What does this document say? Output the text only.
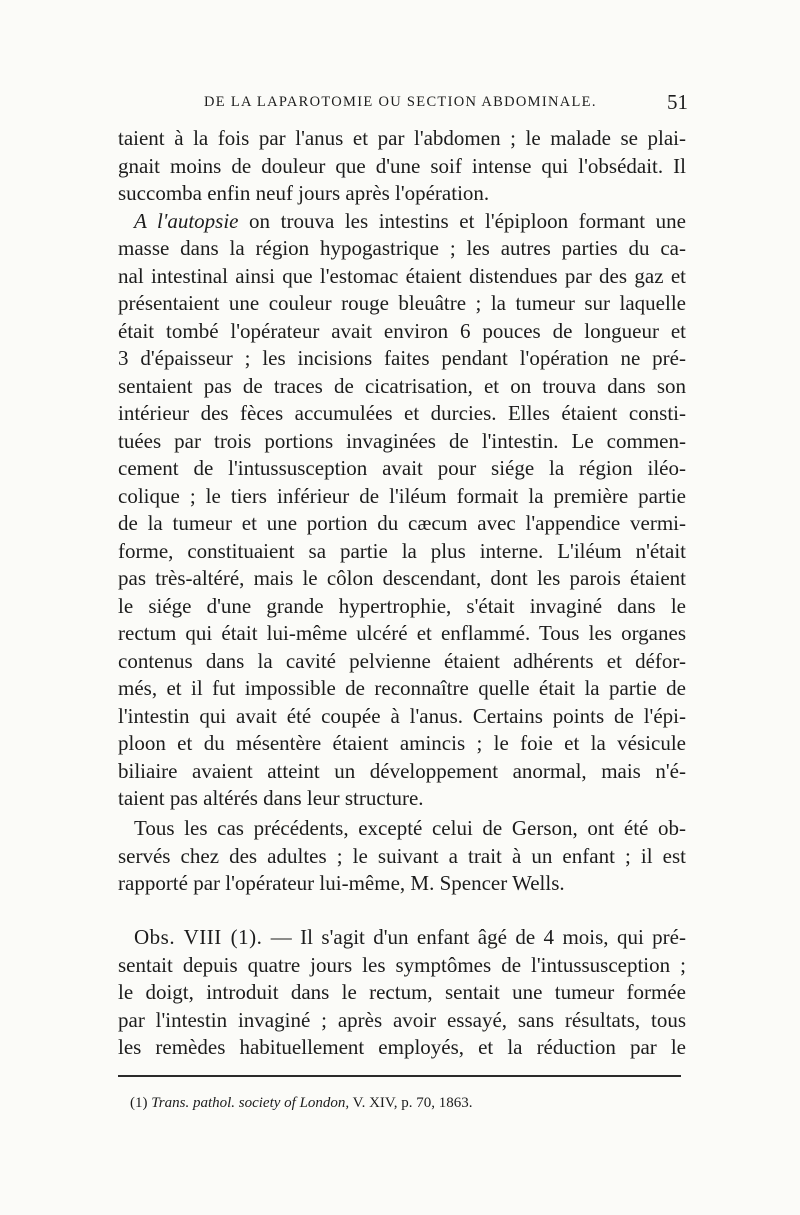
DE LA LAPAROTOMIE OU SECTION ABDOMINALE.	51
taient à la fois par l'anus et par l'abdomen ; le malade se plai-
gnait moins de douleur que d'une soif intense qui l'obsédait. Il
succomba enfin neuf jours après l'opération.
A l'autopsie on trouva les intestins et l'épiploon formant une
masse dans la région hypogastrique ; les autres parties du ca-
nal intestinal ainsi que l'estomac étaient distendues par des gaz et
présentaient une couleur rouge bleuâtre ; la tumeur sur laquelle
était tombé l'opérateur avait environ 6 pouces de longueur et
3 d'épaisseur ; les incisions faites pendant l'opération ne pré-
sentaient pas de traces de cicatrisation, et on trouva dans son
intérieur des fèces accumulées et durcies. Elles étaient consti-
tuées par trois portions invaginées de l'intestin. Le commen-
cement de l'intussusception avait pour siége la région iléo-
colique ; le tiers inférieur de l'iléum formait la première partie
de la tumeur et une portion du cæcum avec l'appendice vermi-
forme, constituaient sa partie la plus interne. L'iléum n'était
pas très-altéré, mais le côlon descendant, dont les parois étaient
le siége d'une grande hypertrophie, s'était invaginé dans le
rectum qui était lui-même ulcéré et enflammé. Tous les organes
contenus dans la cavité pelvienne étaient adhérents et défor-
més, et il fut impossible de reconnaître quelle était la partie de
l'intestin qui avait été coupée à l'anus. Certains points de l'épi-
ploon et du mésentère étaient amincis ; le foie et la vésicule
biliaire avaient atteint un développement anormal, mais n'é-
taient pas altérés dans leur structure.
Tous les cas précédents, excepté celui de Gerson, ont été ob-
servés chez des adultes ; le suivant a trait à un enfant ; il est
rapporté par l'opérateur lui-même, M. Spencer Wells.
Obs. VIII (1). — Il s'agit d'un enfant âgé de 4 mois, qui pré-
sentait depuis quatre jours les symptômes de l'intussusception ;
le doigt, introduit dans le rectum, sentait une tumeur formée
par l'intestin invaginé ; après avoir essayé, sans résultats, tous
les remèdes habituellement employés, et la réduction par le
(1) Trans. pathol. society of London, V. XIV, p. 70, 1863.
